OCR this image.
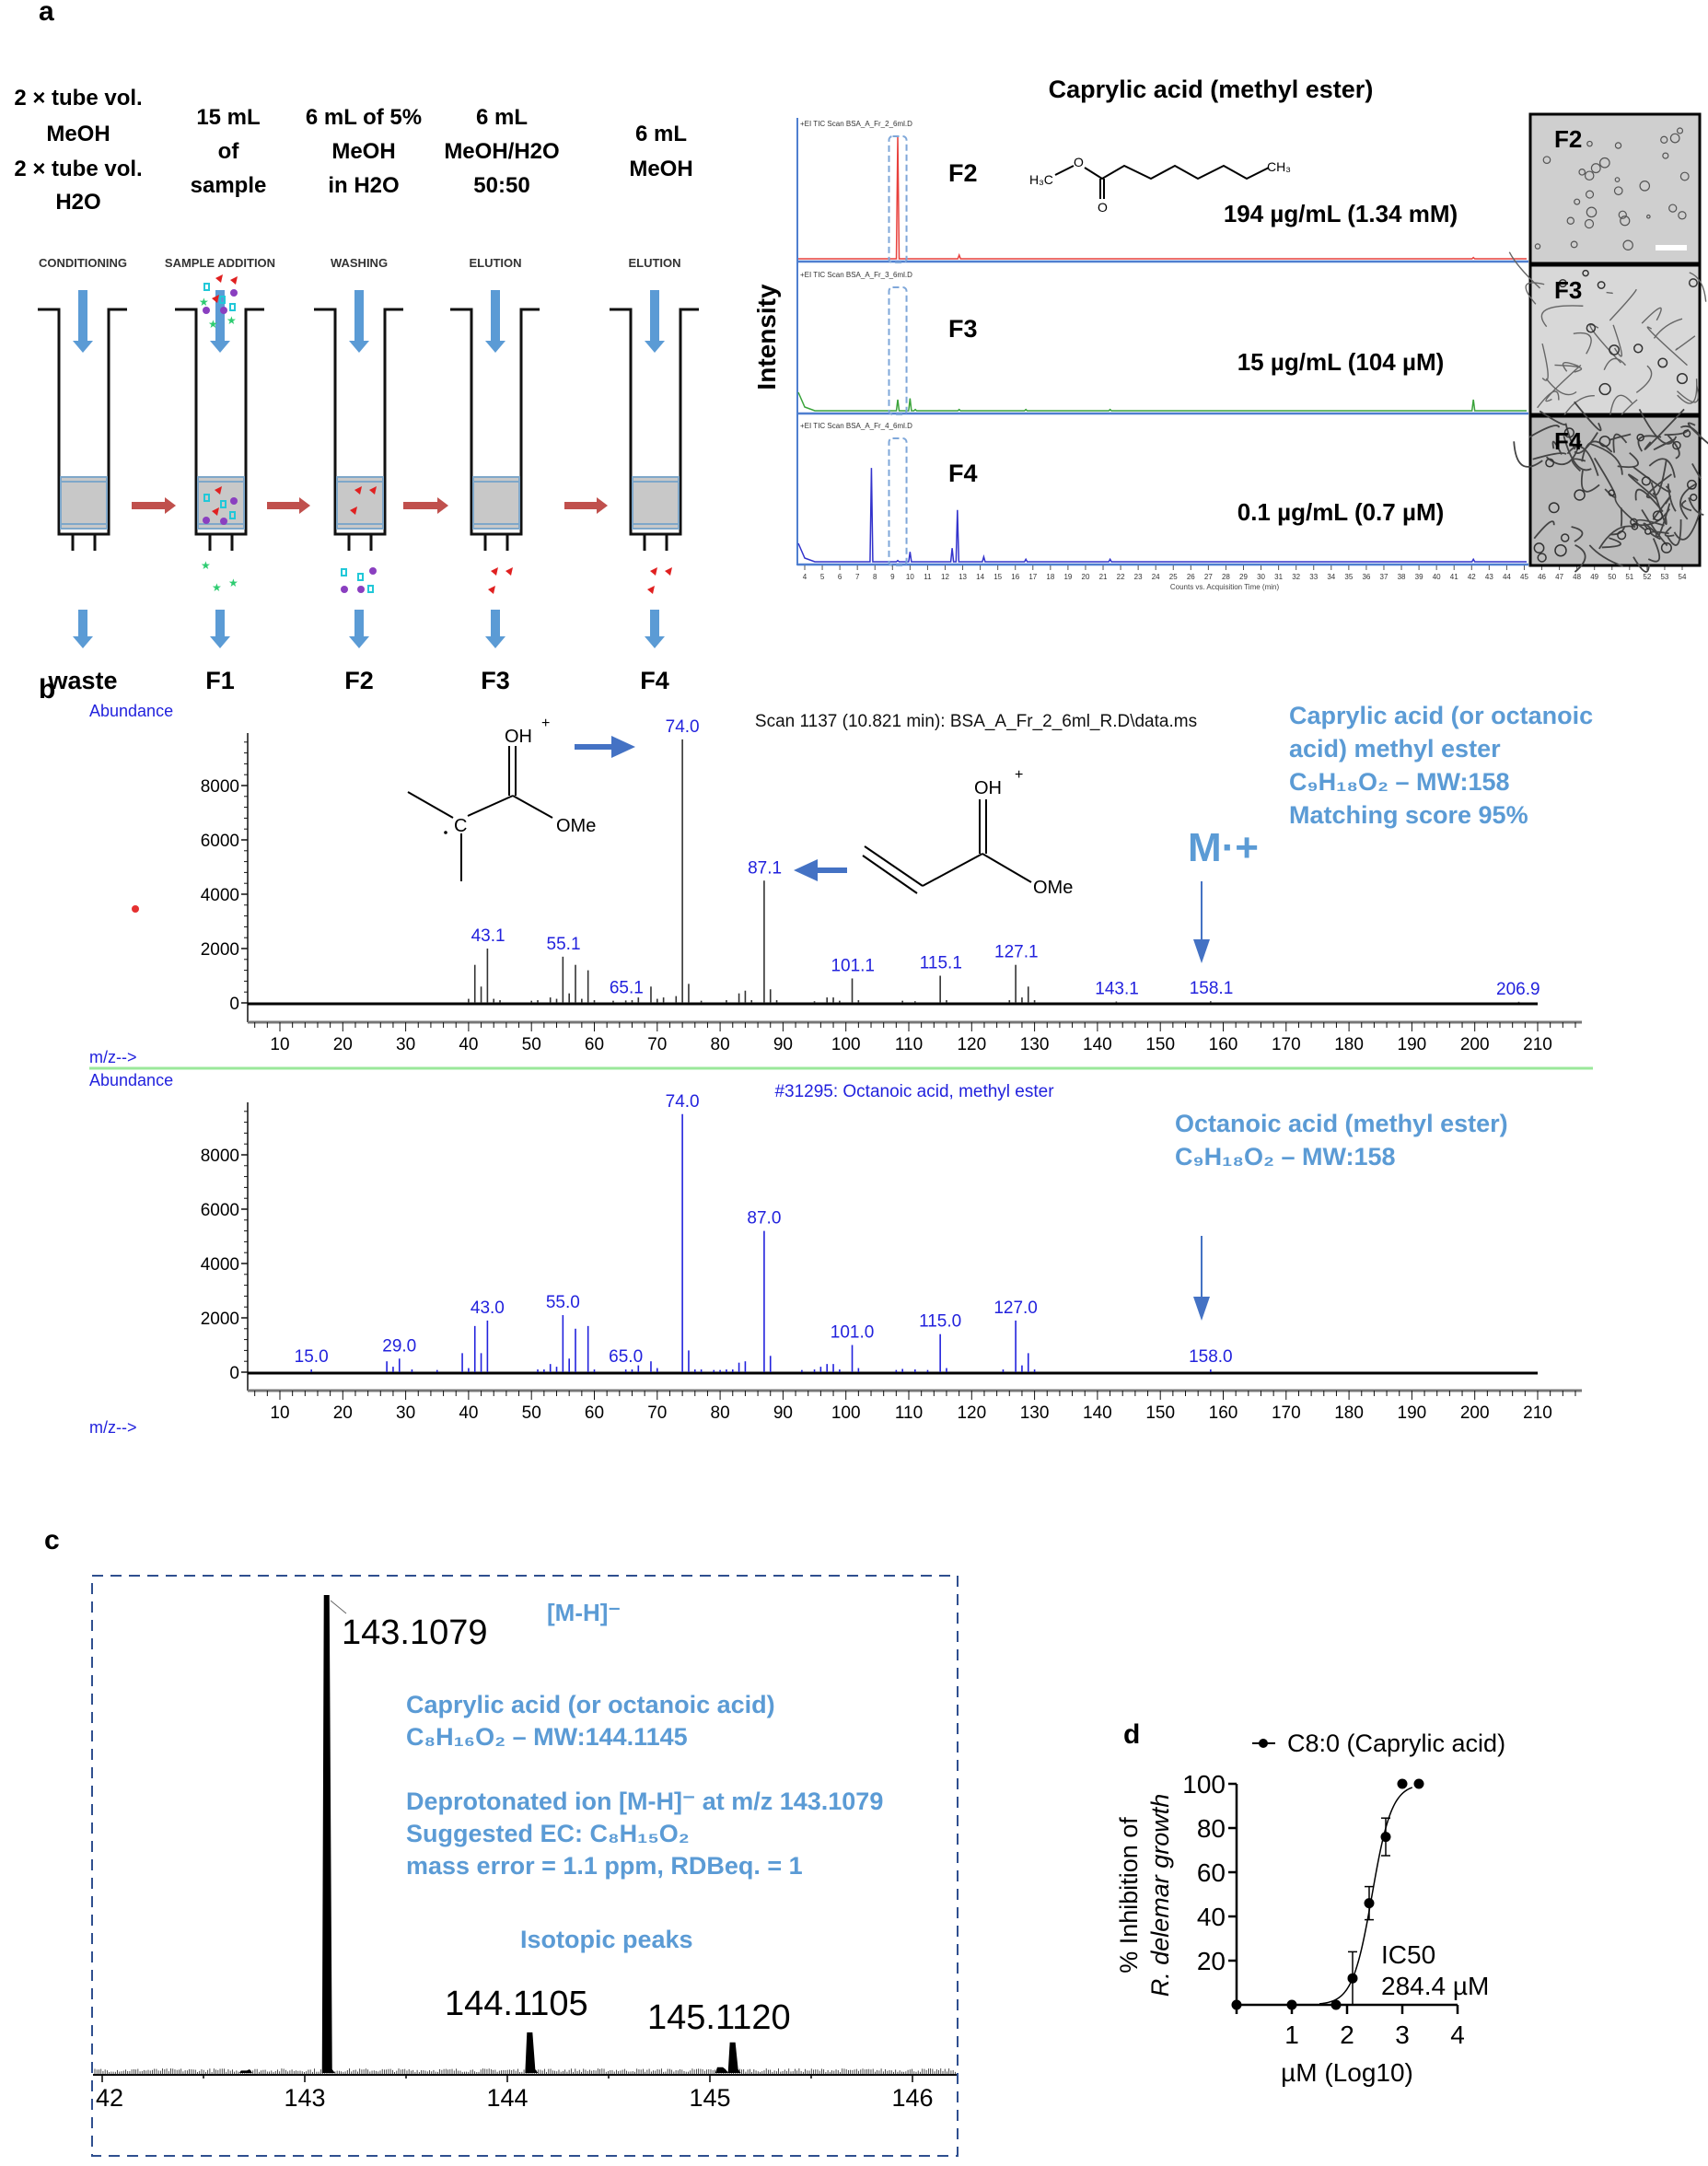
a
b
c
d
2 × tube vol.
MeOH
2 × tube vol.
H2O
CONDITIONING
waste
15 mL
of
sample
SAMPLE ADDITION
F1
6 mL of 5%
MeOH
in H2O
WASHING
F2
6 mL
MeOH/H2O
50:50
ELUTION
F3
6 mL
MeOH
ELUTION
F4
★
★ ★
★
★ ★
Caprylic acid (methyl ester)
Intensity
+EI TIC Scan BSA_A_Fr_2_6ml.D
F2
194 µg/mL (1.34 mM)
+EI TIC Scan BSA_A_Fr_3_6ml.D
F3
15 µg/mL (104 µM)
+EI TIC Scan BSA_A_Fr_4_6ml.D
F4
0.1 µg/mL (0.7 µM)
4 5 6 7 8 9 10 11 12 13 14 15 16 17 18 19 20 21 22 23 24 25 26 27 28 29 30 31 32 33 34 35 36 37 38 39 40 41 42 43 44 45 46 47 48 49 50 51 52 53 54
Counts vs. Acquisition Time (min)
F2
F3
F4
H₃C
O
O
CH₃
Abundance
m/z-->
Scan 1137 (10.821 min): BSA_A_Fr_2_6ml_R.D\data.ms
0
2000
4000
6000
8000
10 20 30 40 50 60 70 80 90 100 110 120 130 140 150 160 170 180 190 200 210
43.1 55.1
65.1
74.0
87.1
101.1	115.1
127.1
143.1	158.1	206.9
Abundance
m/z-->
#31295: Octanoic acid, methyl ester
0
2000
4000
6000
8000
10 20 30 40 50 60 70 80 90 100 110 120 130 140 150 160 170 180 190 200 210
15.0
29.0
43.0 55.0
65.0
74.0
87.0
101.0
115.0
127.0
158.0
OH
+
C	OMe
OH
+
OMe
M·+
Caprylic acid (or octanoic
acid) methyl ester
C₉H₁₈O₂ – MW:158
Matching score 95%
Octanoic acid (methyl ester)
C₉H₁₈O₂ – MW:158
42	143	144	145	146
143.1079
144.1105 145.1120
[M-H]⁻
Caprylic acid (or octanoic acid)
C₈H₁₆O₂ – MW:144.1145
Deprotonated ion [M-H]⁻ at m/z 143.1079
Suggested EC: C₈H₁₅O₂
mass error = 1.1 ppm, RDBeq. = 1
Isotopic peaks
C8:0 (Caprylic acid)
20
40
60
80
100
1 2 3 4
µM (Log10)
% Inhibition of R. delemar growth	IC50
284.4 µM
